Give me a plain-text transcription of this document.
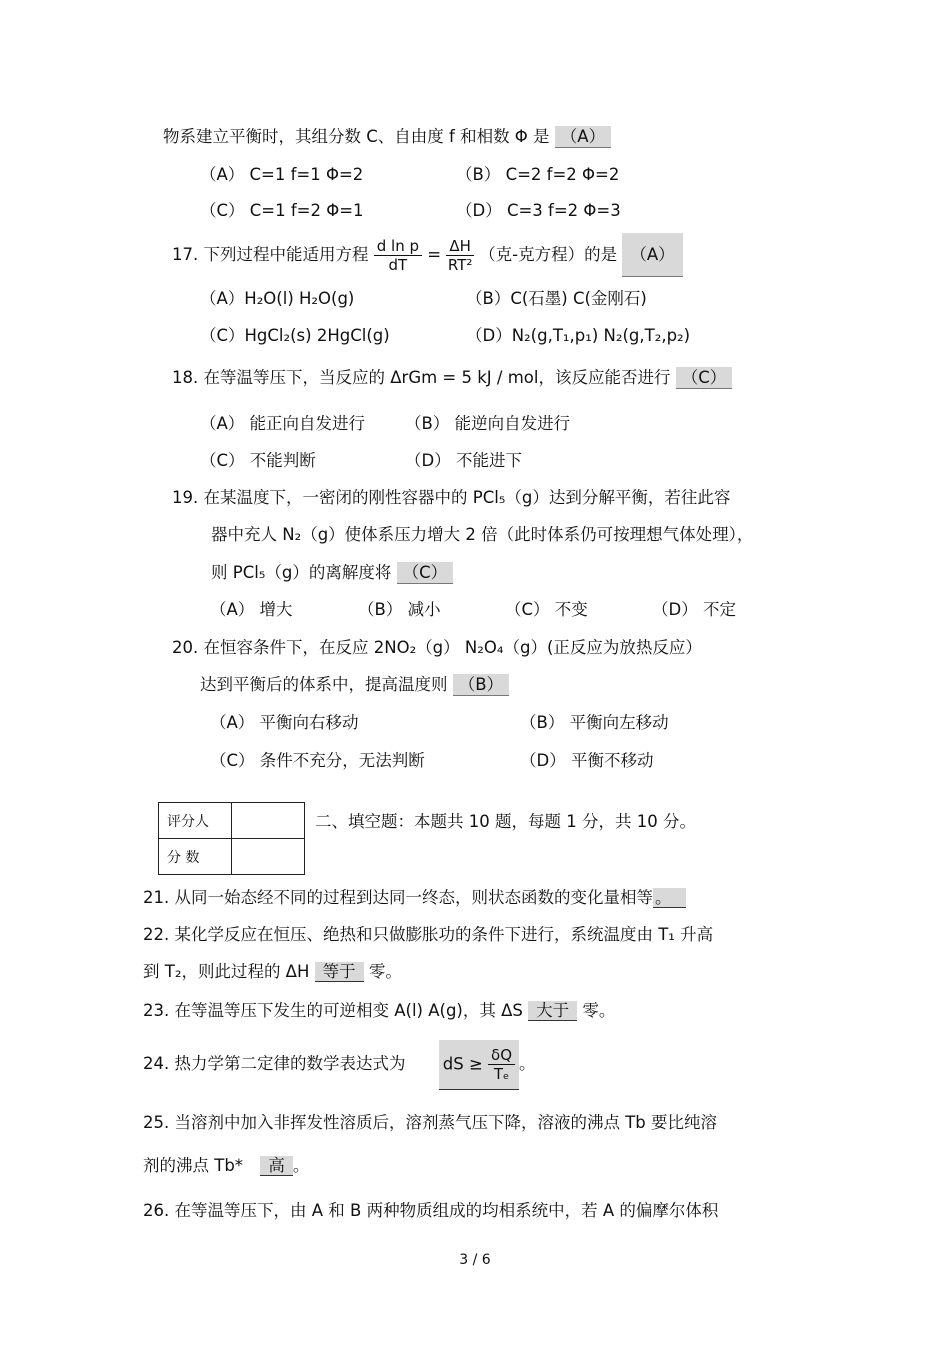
物系建立平衡时，其组分数 C、自由度 f 和相数 Φ 是 （A）
（A） C=1 f=1 Φ=2	（B） C=2 f=2 Φ=2
（C） C=1 f=2 Φ=1	（D） C=3 f=2 Φ=3
17. 下列过程中能适用方程 $\frac{\text{d ln p}}{dT} = \frac{\Delta H}{\text{RT²}}$ （克-克方程）的是 （A）
（A）H₂O(l) H₂O(g)	（B）C(石墨) C(金刚石)
（C）HgCl₂(s) 2HgCl(g)	（D）N₂(g,T₁,p₁) N₂(g,T₂,p₂)
18. 在等温等压下，当反应的 ΔrGm = 5 kJ / mol，该反应能否进行 （C）
（A） 能正向自发进行 （B） 能逆向自发进行
（C） 不能判断	（D） 不能进下
19. 在某温度下，一密闭的刚性容器中的 PCl₅（g）达到分解平衡，若往此容
器中充人 N₂（g）使体系压力增大 2 倍（此时体系仍可按理想气体处理），
则 PCl₅（g）的离解度将 （C）
（A） 增大	（B） 减小	（C） 不变	（D） 不定
20. 在恒容条件下，在反应 2NO₂（g） N₂O₄（g）(正反应为放热反应）
达到平衡后的体系中，提高温度则 （B）
（A） 平衡向右移动	（B） 平衡向左移动
（C） 条件不充分，无法判断	（D） 平衡不移动
评分人	
分 数	
二、填空题：本题共 10 题，每题 1 分，共 10 分。
21. 从同一始态经不同的过程到达同一终态，则状态函数的变化量相等 。
22. 某化学反应在恒压、绝热和只做膨胀功的条件下进行，系统温度由 T₁ 升高
到 T₂，则此过程的 ΔH 等于 零。
23. 在等温等压下发生的可逆相变 A(l) A(g)，其 ΔS 大于 零。
24. 热力学第二定律的数学表达式为 dS ≥ $\frac{\delta Q}{\text{Tₑ}}$ 。
25. 当溶剂中加入非挥发性溶质后，溶剂蒸气压下降，溶液的沸点 Tb 要比纯溶
剂的沸点 Tb* 高 。
26. 在等温等压下，由 A 和 B 两种物质组成的均相系统中，若 A 的偏摩尔体积
3 / 6
